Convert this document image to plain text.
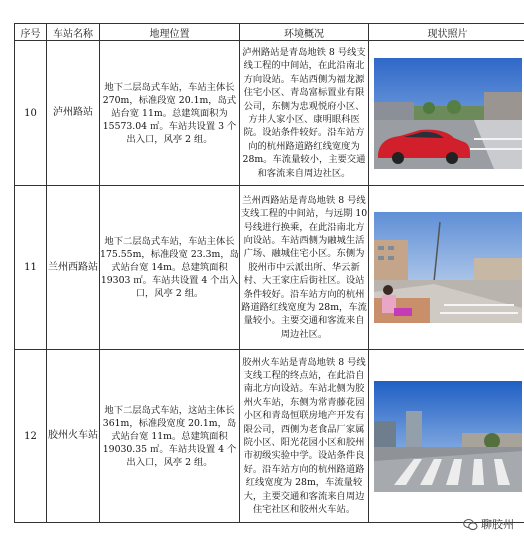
序号	车站名称	地理位置	环境概况	现状照片
10	泸州路站	地下二层岛式车站，车站主体长 270m，标准段宽 20.1m，岛式站台宽 11m。总建筑面积为 15573.04 ㎡。车站共设置 3 个出入口，风亭 2 组。	泸州路站是青岛地铁 8 号线支线工程的中间站，在此沿南北方向设站。车站西侧为福龙源住宅小区、青岛富标置业有限公司，东侧为忠观悦府小区、方井人家小区、康明眼科医院。设站条件较好。沿车站方向的杭州路道路红线宽度为 28m。车流量较小，主要交通和客流来自周边社区。	

11	兰州西路站	地下二层岛式车站，车站主体长 175.55m，标准段宽 23.3m，岛式站台宽 14m。总建筑面积 19303 ㎡。车站共设置 4 个出入口，风亭 2 组。	兰州西路站是青岛地铁 8 号线支线工程的中间站，与远期 10 号线进行换乘，在此沿南北方向设站。车站西侧为融城生活广场、融城住宅小区。东侧为胶州市中云派出所、华云新村、大王家庄后街社区。设站条件较好。沿车站方向的杭州路道路红线宽度为 28m，车流量较小。主要交通和客流来自周边社区。	

12	胶州火车站	地下二层岛式车站，这站主体长 361m，标准段宽度 20.1m，岛式站台宽 11m。总建筑面积 19030.35 ㎡。车站共设置 4 个出入口，风亭 2 组。	胶州火车站是青岛地铁 8 号线支线工程的终点站，在此沿自南北方向设站。车站北侧为胶州火车站，东侧为常青藤花园小区和青岛恒联房地产开发有限公司，西侧为老食品厂家属院小区、阳光花园小区和胶州市初级实验中学。设站条件良好。沿车站方向的杭州路道路红线宽度为 28m，车流量较大，主要交通和客流来自周边住宅社区和胶州火车站。	
聊胶州
